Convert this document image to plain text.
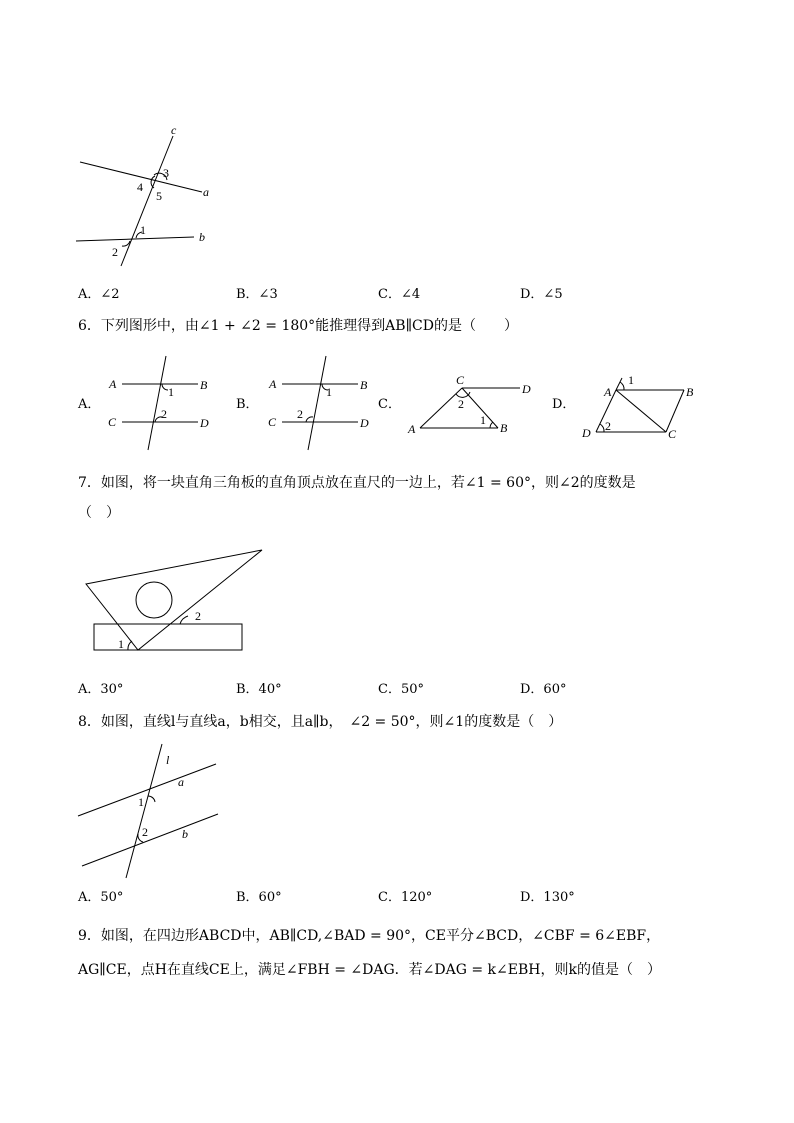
c
a
b
3
4
5
1
2
A．∠2	B．∠3	C．∠4	D．∠5
6．下列图形中，由∠1 + ∠2 = 180°能推理得到AB∥CD的是（　　）
A．
A	B
C	D
1
2
B．
A	B
C	D
1
2
C．
C
D
A	B
2
1
D．
A
1
B
D 2
C
7．如图，将一块直角三角板的直角顶点放在直尺的一边上，若∠1 = 60°，则∠2的度数是
（　）
1
2
A．30°	B．40°	C．50°	D．60°
8．如图，直线l与直线a，b相交，且a∥b，　∠2 = 50°，则∠1的度数是（　）
l
a
b
1
2
A．50°	B．60°	C．120°	D．130°
9．如图，在四边形ABCD中，AB∥CD,∠BAD = 90°，CE平分∠BCD，∠CBF = 6∠EBF，
AG∥CE，点H在直线CE上，满足∠FBH = ∠DAG．若∠DAG = k∠EBH，则k的值是（　）
